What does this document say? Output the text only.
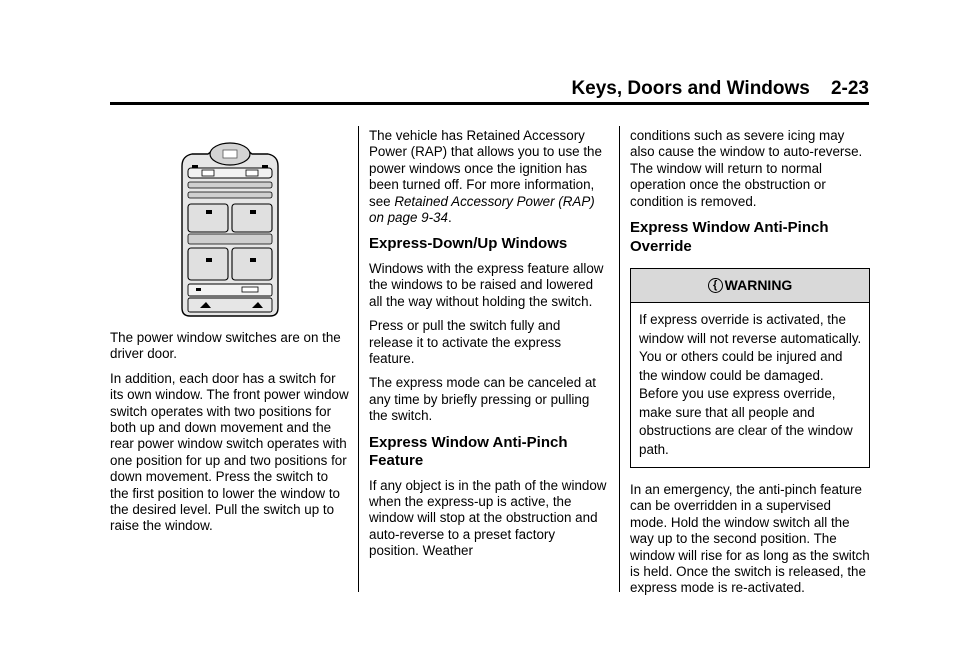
Keys, Doors and Windows    2-23

The power window switches are on the driver door.

In addition, each door has a switch for its own window. The front power window switch operates with two positions for both up and down movement and the rear power window switch operates with one position for up and two positions for down movement. Press the switch to the first position to lower the window to the desired level. Pull the switch up to raise the window.

The vehicle has Retained Accessory Power (RAP) that allows you to use the power windows once the ignition has been turned off. For more information, see Retained Accessory Power (RAP) on page 9-34.

Express-Down/Up Windows

Windows with the express feature allow the windows to be raised and lowered all the way without holding the switch.

Press or pull the switch fully and release it to activate the express feature.

The express mode can be canceled at any time by briefly pressing or pulling the switch.

Express Window Anti-Pinch Feature

If any object is in the path of the window when the express-up is active, the window will stop at the obstruction and auto-reverse to a preset factory position. Weather

conditions such as severe icing may also cause the window to auto-reverse. The window will return to normal operation once the obstruction or condition is removed.

Express Window Anti-Pinch Override
{ WARNING
If express override is activated, the window will not reverse automatically. You or others could be injured and the window could be damaged. Before you use express override, make sure that all people and obstructions are clear of the window path.

In an emergency, the anti-pinch feature can be overridden in a supervised mode. Hold the window switch all the way up to the second position. The window will rise for as long as the switch is held. Once the switch is released, the express mode is re-activated.
